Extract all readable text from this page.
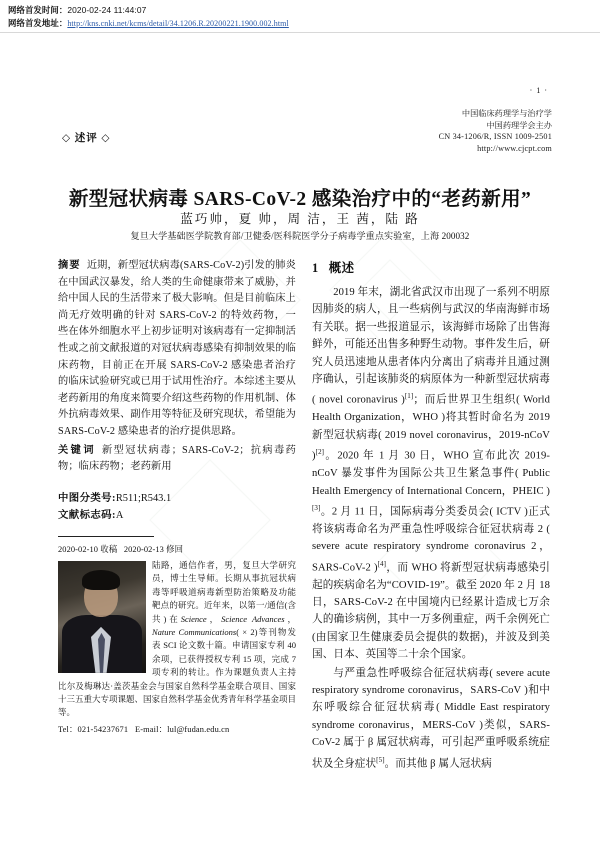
网络首发时间：2020-02-24 11:44:07
网络首发地址：http://kns.cnki.net/kcms/detail/34.1206.R.20200221.1900.002.html
· 1 ·
中国临床药理学与治疗学
中国药理学会主办
CN 34-1206/R, ISSN 1009-2501
http://www.cjcpt.com
◇ 述评 ◇
新型冠状病毒 SARS-CoV-2 感染治疗中的“老药新用”
蓝巧帅，夏 帅，周 洁，王 茜，陆 路
复旦大学基础医学院教育部/卫健委/医科院医学分子病毒学重点实验室，上海 200032
摘要 近期，新型冠状病毒(SARS-CoV-2)引发的肺炎在中国武汉暴发，给人类的生命健康带来了威胁，并给中国人民的生活带来了极大影响。但是目前临床上尚无疗效明确的针对 SARS-CoV-2 的特效药物，一些在体外细胞水平上初步证明对该病毒有一定抑制活性或之前文献报道的对冠状病毒感染有抑制效果的临床药物，目前正在开展 SARS-CoV-2 感染患者治疗的临床试验研究或已用于试用性治疗。本综述主要从老药新用的角度来简要介绍这些药物的作用机制、体外抗病毒效果、副作用等特征及研究现状，希望能为 SARS-CoV-2 感染患者的治疗提供思路。
关键词 新型冠状病毒；SARS-CoV-2；抗病毒药物；临床药物；老药新用
中图分类号:R511;R543.1
文献标志码:A
2020-02-10 收稿 2020-02-13 修回
陆路，通信作者，男，复旦大学研究员，博士生导师。长期从事抗冠状病毒等呼吸道病毒新型防治策略及功能靶点的研究。近年来，以第一/通信(含共)在Science，Science Advances，Nature Communications( × 2)等刊物发表 SCI 论文数十篇。申请国家专利 40 余项，已获得授权专利 15 项，完成 7 项专利的转让。作为课题负责人主持比尔及梅琳达·盖茨基金会与国家自然科学基金联合项目、国家十三五重大专项课题、国家自然科学基金优秀青年科学基金项目等。
Tel：021-54237671 E-mail：lul@fudan.edu.cn
1 概述

2019 年末，湖北省武汉市出现了一系列不明原因肺炎的病人，且一些病例与武汉的华南海鲜市场有关联。据一些报道显示，该海鲜市场除了出售海鲜外，可能还出售多种野生动物。事件发生后，研究人员迅速地从患者体内分离出了病毒并且通过测序确认，引起该肺炎的病原体为一种新型冠状病毒( novel coronavirus )[1]；而后世界卫生组织( World Health Organization，WHO )将其暂时命名为 2019 新型冠状病毒( 2019 novel coronavirus，2019-nCoV )[2]。2020 年 1 月 30 日，WHO 宣布此次 2019-nCoV 暴发事件为国际公共卫生紧急事件( Public Health Emergency of International Concern，PHEIC )[3]。2 月 11 日，国际病毒分类委员会( ICTV )正式将该病毒命名为严重急性呼吸综合征冠状病毒 2 ( severe acute respiratory syndrome coronavirus 2，SARS-CoV-2 )[4]，而 WHO 将新型冠状病毒感染引起的疾病命名为“COVID-19”。截至 2020 年 2 月 18 日，SARS-CoV-2 在中国境内已经累计造成七万余人的确诊病例，其中一万多例重症，两千余例死亡(由国家卫生健康委员会提供的数据)，并波及到美国、日本、英国等二十余个国家。

与严重急性呼吸综合征冠状病毒( severe acute respiratory syndrome coronavirus，SARS-CoV )和中东呼吸综合征冠状病毒( Middle East respiratory syndrome coronavirus，MERS-CoV )类似，SARS-CoV-2 属于 β 属冠状病毒，可引起严重呼吸系统症状及全身症状[5]。而其他 β 属人冠状病
